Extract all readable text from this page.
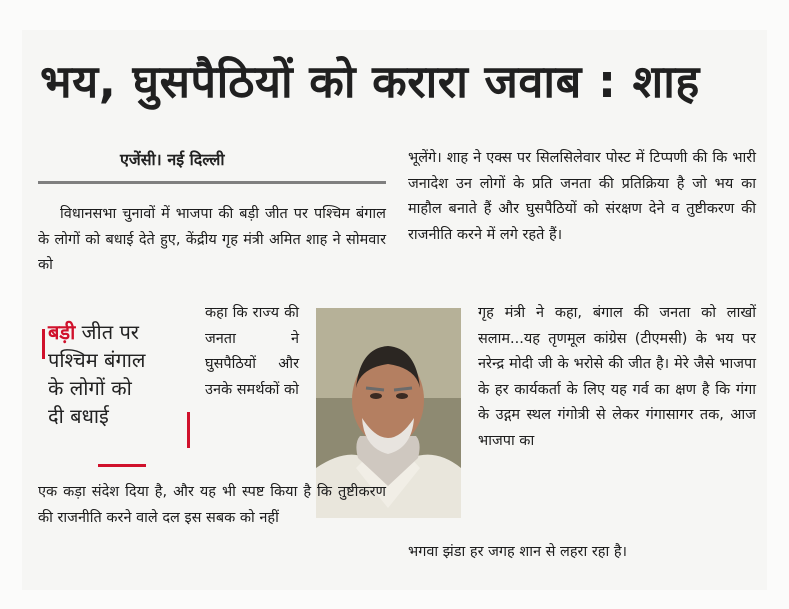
भय, घुसपैठियों को करारा जवाब : शाह
एजेंसी। नई दिल्ली

विधानसभा चुनावों में भाजपा की बड़ी जीत पर पश्चिम बंगाल के लोगों को बधाई देते हुए, केंद्रीय गृह मंत्री अमित शाह ने सोमवार को

बड़ी जीत पर
पश्चिम बंगाल
के लोगों को
दी बधाई
कहा कि राज्य की जनता ने घुसपैठियों और उनके समर्थकों को
एक कड़ा संदेश दिया है, और यह भी स्पष्ट किया है कि तुष्टीकरण की राजनीति करने वाले दल इस सबक को नहीं

भूलेंगे। शाह ने एक्स पर सिलसिलेवार पोस्ट में टिप्पणी की कि भारी जनादेश उन लोगों के प्रति जनता की प्रतिक्रिया है जो भय का माहौल बनाते हैं और घुसपैठियों को संरक्षण देने व तुष्टीकरण की राजनीति करने में लगे रहते हैं।

गृह मंत्री ने कहा, बंगाल की जनता को लाखों सलाम...यह तृणमूल कांग्रेस (टीएमसी) के भय पर नरेन्द्र मोदी जी के भरोसे की जीत है। मेरे जैसे भाजपा के हर कार्यकर्ता के लिए यह गर्व का क्षण है कि गंगा के उद्गम स्थल गंगोत्री से लेकर गंगासागर तक, आज भाजपा का
भगवा झंडा हर जगह शान से लहरा रहा है।
